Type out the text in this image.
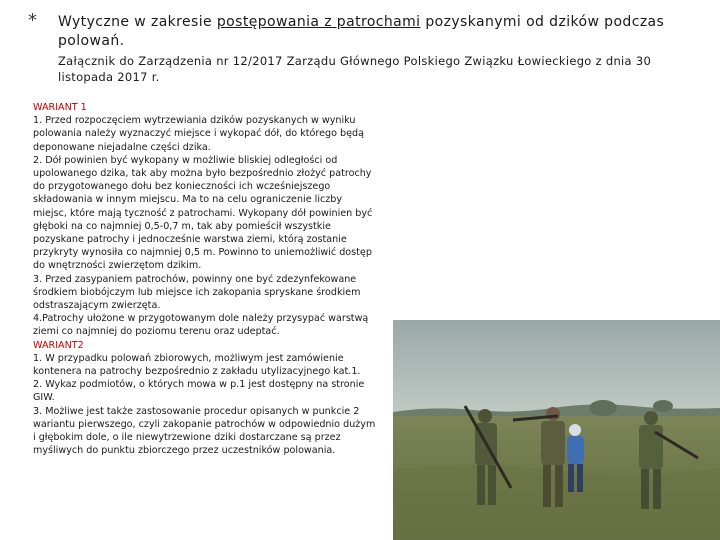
* Wytyczne w zakresie postępowania z patrochami pozyskanymi od dzików podczas polowań.
Załącznik do Zarządzenia nr 12/2017 Zarządu Głównego Polskiego Związku Łowieckiego z dnia 30 listopada 2017 r.

WARIANT 1

1. Przed rozpoczęciem wytrzewiania dzików pozyskanych w wyniku polowania należy wyznaczyć miejsce i wykopać dół, do którego będą deponowane niejadalne części dzika.

2. Dół powinien być wykopany w możliwie bliskiej odległości od upolowanego dzika, tak aby można było bezpośrednio złożyć patrochy do przygotowanego dołu bez konieczności ich wcześniejszego składowania w innym miejscu. Ma to na celu ograniczenie liczby miejsc, które mają tyczność z patrochami. Wykopany dół powinien być głęboki na co najmniej 0,5-0,7 m, tak aby pomieścił wszystkie pozyskane patrochy i jednocześnie warstwa ziemi, którą zostanie przykryty wynosiła co najmniej 0,5 m. Powinno to uniemożliwić dostęp do wnętrzności zwierzętom dzikim.

3. Przed zasypaniem patrochów, powinny one być zdezynfekowane środkiem biobójczym lub miejsce ich zakopania spryskane środkiem odstraszającym zwierzęta.

4.Patrochy ułożone w przygotowanym dole należy przysypać warstwą ziemi co najmniej do poziomu terenu oraz udeptać.

WARIANT2

1. W przypadku polowań zbiorowych, możliwym jest zamówienie kontenera na patrochy bezpośrednio z zakładu utylizacyjnego kat.1.

2. Wykaz podmiotów, o których mowa w p.1 jest dostępny na stronie GIW.

3. Możliwe jest także zastosowanie procedur opisanych w punkcie 2 wariantu pierwszego, czyli zakopanie patrochów w odpowiednio dużym i głębokim dole, o ile niewytrzewione dziki dostarczane są przez myśliwych do punktu zbiorczego przez uczestników polowania.
